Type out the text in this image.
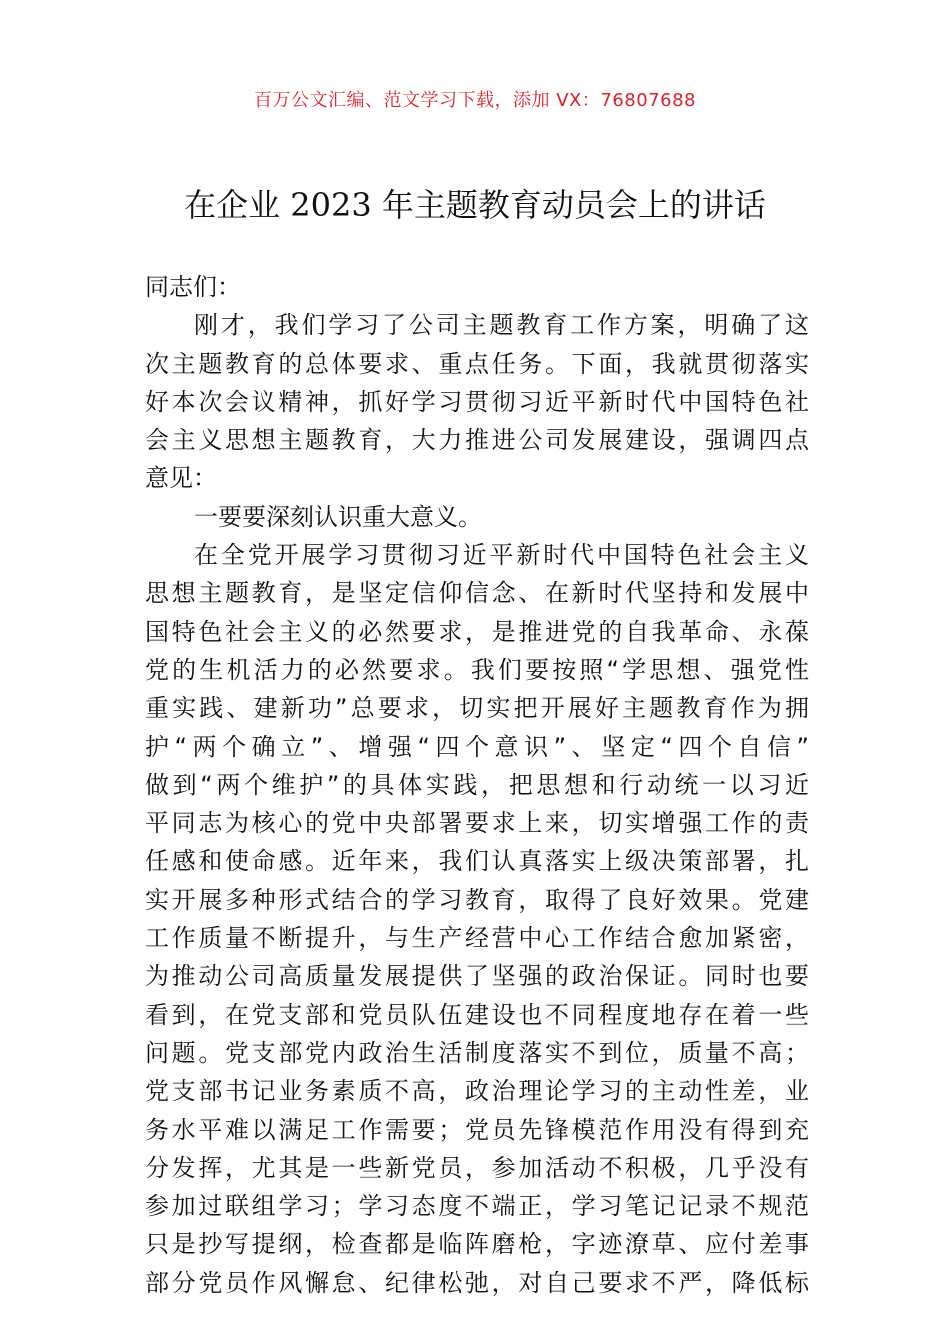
百万公文汇编、范文学习下载，添加 VX：76807688
在企业 2023 年主题教育动员会上的讲话
同志们：
刚才，我们学习了公司主题教育工作方案，明确了这
次主题教育的总体要求、重点任务。下面，我就贯彻落实
好本次会议精神，抓好学习贯彻习近平新时代中国特色社
会主义思想主题教育，大力推进公司发展建设，强调四点
意见：
一要要深刻认识重大意义。
在全党开展学习贯彻习近平新时代中国特色社会主义
思想主题教育，是坚定信仰信念、在新时代坚持和发展中
国特色社会主义的必然要求，是推进党的自我革命、永葆
党的生机活力的必然要求。我们要按照“学思想、强党性
重实践、建新功”总要求，切实把开展好主题教育作为拥
护“两个确立”、增强“四个意识”、坚定“四个自信”
做到“两个维护”的具体实践，把思想和行动统一以习近
平同志为核心的党中央部署要求上来，切实增强工作的责
任感和使命感。近年来，我们认真落实上级决策部署，扎
实开展多种形式结合的学习教育，取得了良好效果。党建
工作质量不断提升，与生产经营中心工作结合愈加紧密，
为推动公司高质量发展提供了坚强的政治保证。同时也要
看到，在党支部和党员队伍建设也不同程度地存在着一些
问题。党支部党内政治生活制度落实不到位，质量不高；
党支部书记业务素质不高，政治理论学习的主动性差，业
务水平难以满足工作需要；党员先锋模范作用没有得到充
分发挥，尤其是一些新党员，参加活动不积极，几乎没有
参加过联组学习；学习态度不端正，学习笔记记录不规范
只是抄写提纲，检查都是临阵磨枪，字迹潦草、应付差事
部分党员作风懈怠、纪律松弛，对自己要求不严，降低标
